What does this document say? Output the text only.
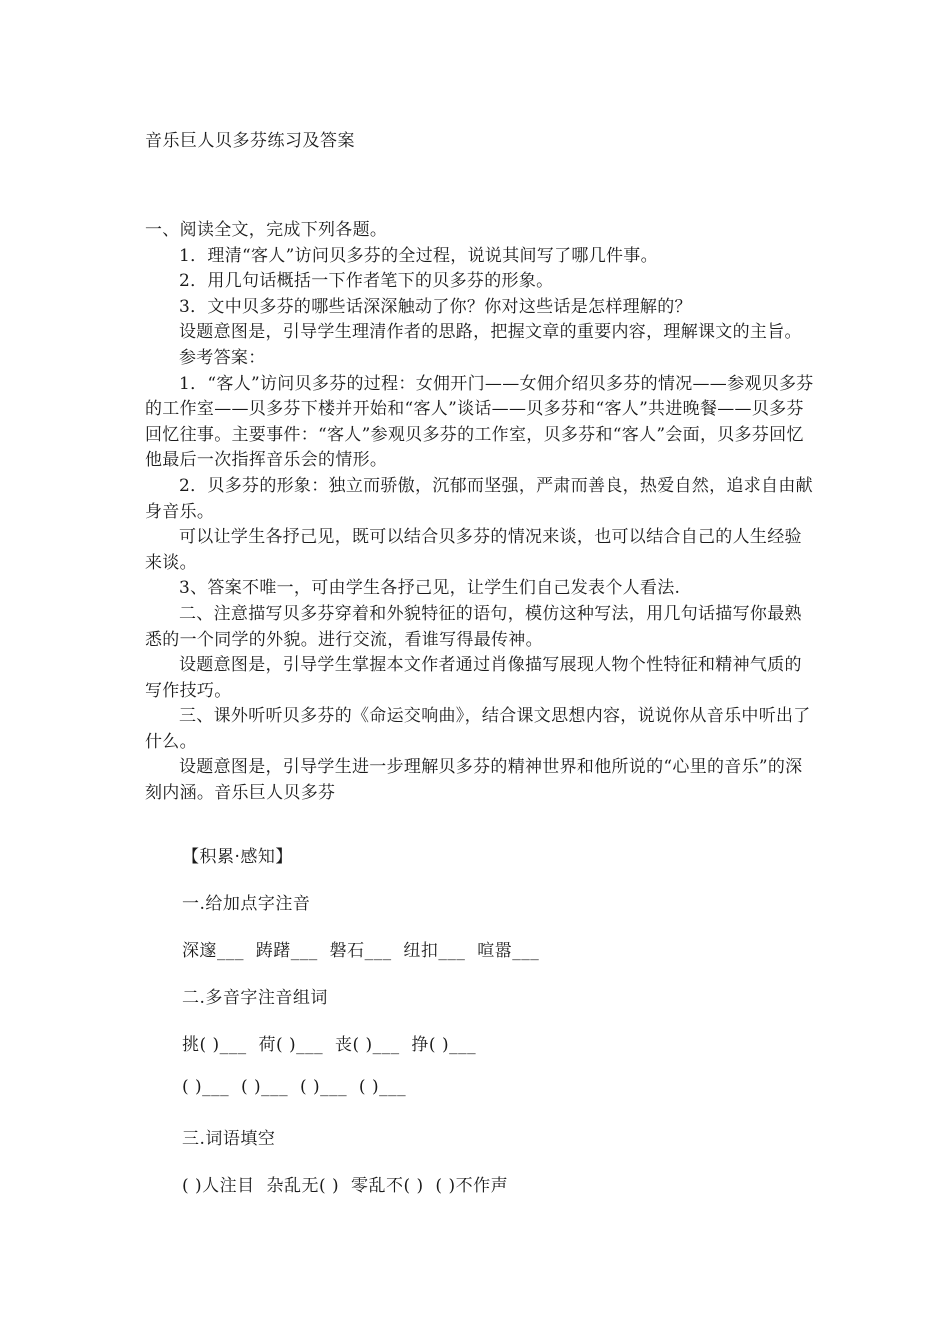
音乐巨人贝多芬练习及答案

一、阅读全文，完成下列各题。

1．理清“客人”访问贝多芬的全过程，说说其间写了哪几件事。

2．用几句话概括一下作者笔下的贝多芬的形象。

3．文中贝多芬的哪些话深深触动了你？你对这些话是怎样理解的？

设题意图是，引导学生理清作者的思路，把握文章的重要内容，理解课文的主旨。

参考答案：

1．“客人”访问贝多芬的过程：女佣开门——女佣介绍贝多芬的情况——参观贝多芬的工作室——贝多芬下楼并开始和“客人”谈话——贝多芬和“客人”共进晚餐——贝多芬回忆往事。主要事件：“客人”参观贝多芬的工作室，贝多芬和“客人”会面，贝多芬回忆他最后一次指挥音乐会的情形。

2．贝多芬的形象：独立而骄傲，沉郁而坚强，严肃而善良，热爱自然，追求自由献身音乐。

可以让学生各抒己见，既可以结合贝多芬的情况来谈，也可以结合自己的人生经验来谈。

3、答案不唯一，可由学生各抒己见，让学生们自己发表个人看法.

二、注意描写贝多芬穿着和外貌特征的语句，模仿这种写法，用几句话描写你最熟悉的一个同学的外貌。进行交流，看谁写得最传神。

设题意图是，引导学生掌握本文作者通过肖像描写展现人物个性特征和精神气质的写作技巧。

三、课外听听贝多芬的《命运交响曲》，结合课文思想内容，说说你从音乐中听出了什么。

设题意图是，引导学生进一步理解贝多芬的精神世界和他所说的“心里的音乐”的深刻内涵。音乐巨人贝多芬

【积累·感知】
一.给加点字注音
深邃___  踌躇___  磐石___  纽扣___  喧嚣___
二.多音字注音组词
挑( )___  荷( )___  丧( )___  挣( )___
( )___  ( )___  ( )___  ( )___
三.词语填空
( )人注目  杂乱无( )  零乱不( )  ( )不作声
